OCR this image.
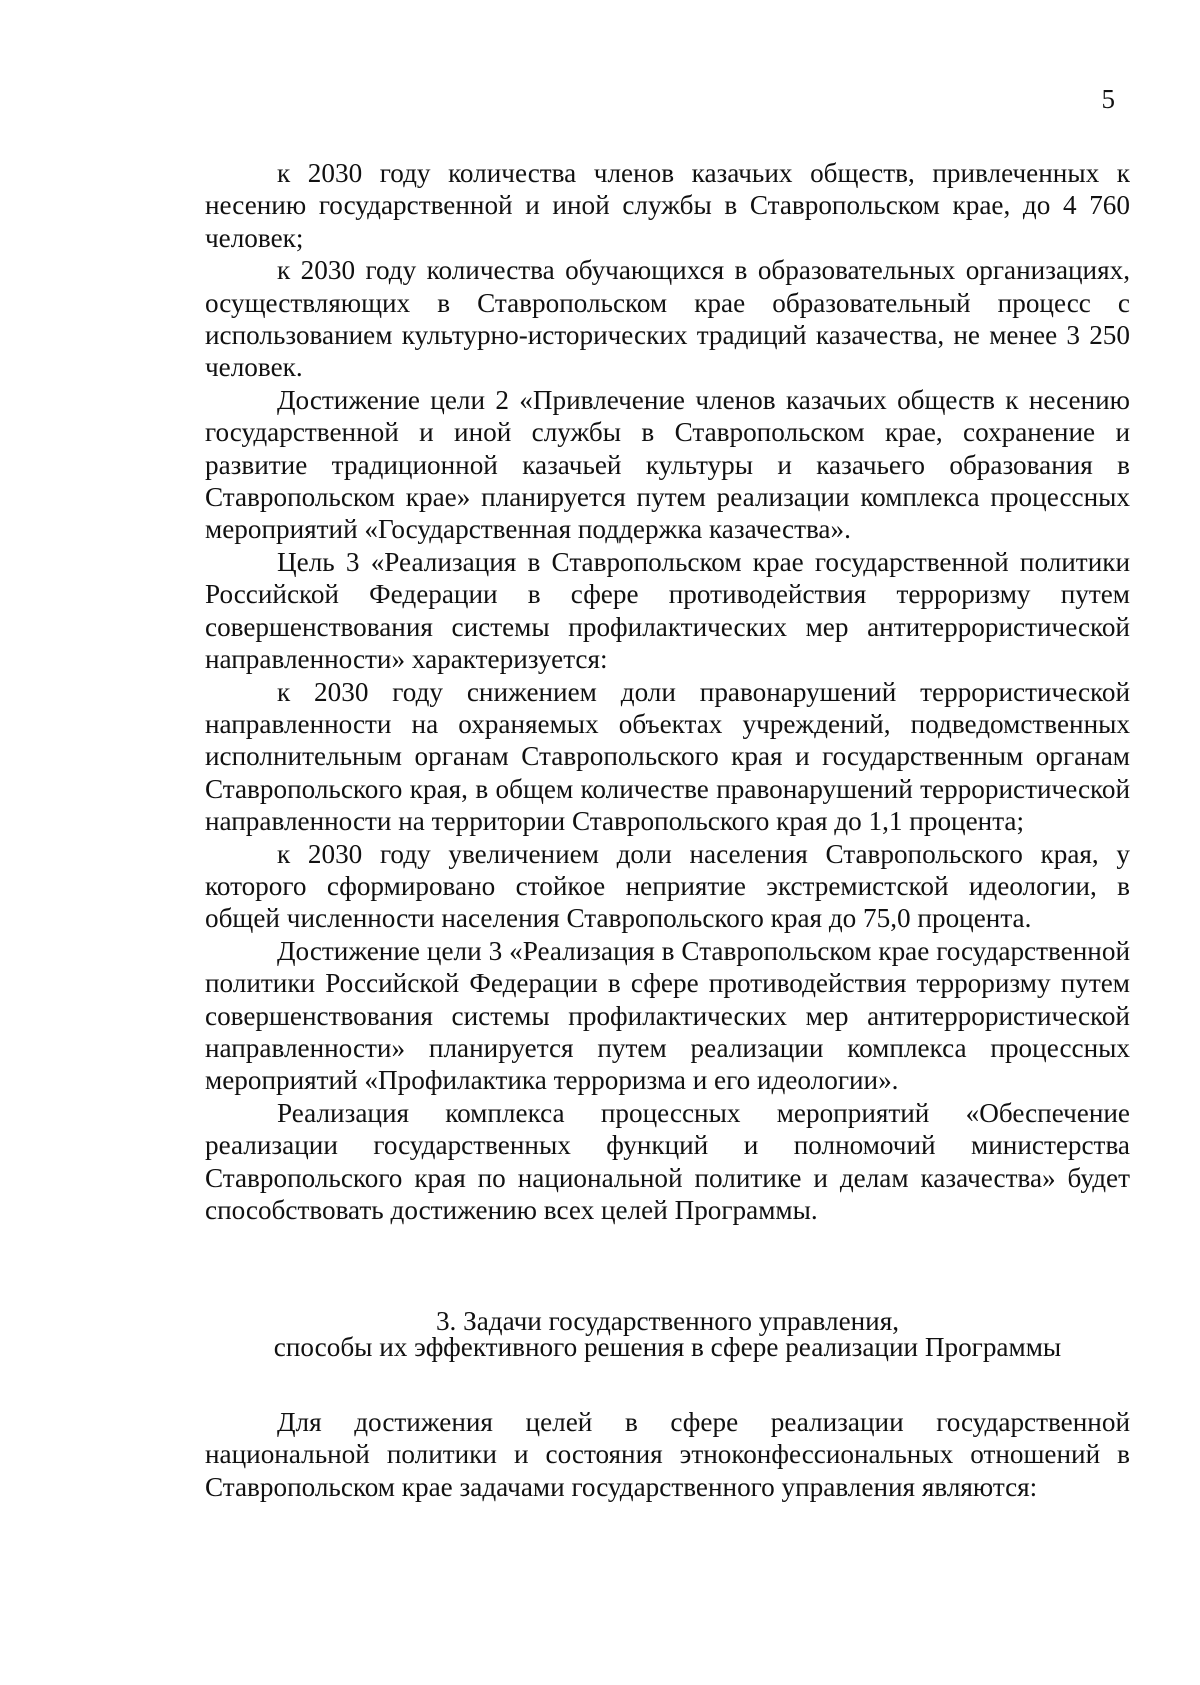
5

к 2030 году количества членов казачьих обществ, привлеченных к несению государственной и иной службы в Ставропольском крае, до 4 760 человек;

к 2030 году количества обучающихся в образовательных организациях, осуществляющих в Ставропольском крае образовательный процесс с использованием культурно-исторических традиций казачества, не менее 3 250 человек.

Достижение цели 2 «Привлечение членов казачьих обществ к несению государственной и иной службы в Ставропольском крае, сохранение и развитие традиционной казачьей культуры и казачьего образования в Ставропольском крае» планируется путем реализации комплекса процессных мероприятий «Государственная поддержка казачества».

Цель 3 «Реализация в Ставропольском крае государственной политики Российской Федерации в сфере противодействия терроризму путем совершенствования системы профилактических мер антитеррористической направленности» характеризуется:

к 2030 году снижением доли правонарушений террористической направленности на охраняемых объектах учреждений, подведомственных исполнительным органам Ставропольского края и государственным органам Ставропольского края, в общем количестве правонарушений террористической направленности на территории Ставропольского края до 1,1 процента;

к 2030 году увеличением доли населения Ставропольского края, у которого сформировано стойкое неприятие экстремистской идеологии, в общей численности населения Ставропольского края до 75,0 процента.

Достижение цели 3 «Реализация в Ставропольском крае государственной политики Российской Федерации в сфере противодействия терроризму путем совершенствования системы профилактических мер антитеррористической направленности» планируется путем реализации комплекса процессных мероприятий «Профилактика терроризма и его идеологии».

Реализация комплекса процессных мероприятий «Обеспечение реализации государственных функций и полномочий министерства Ставропольского края по национальной политике и делам казачества» будет способствовать достижению всех целей Программы.

3. Задачи государственного управления,
способы их эффективного решения в сфере реализации Программы

Для достижения целей в сфере реализации государственной национальной политики и состояния этноконфессиональных отношений в Ставропольском крае задачами государственного управления являются:
